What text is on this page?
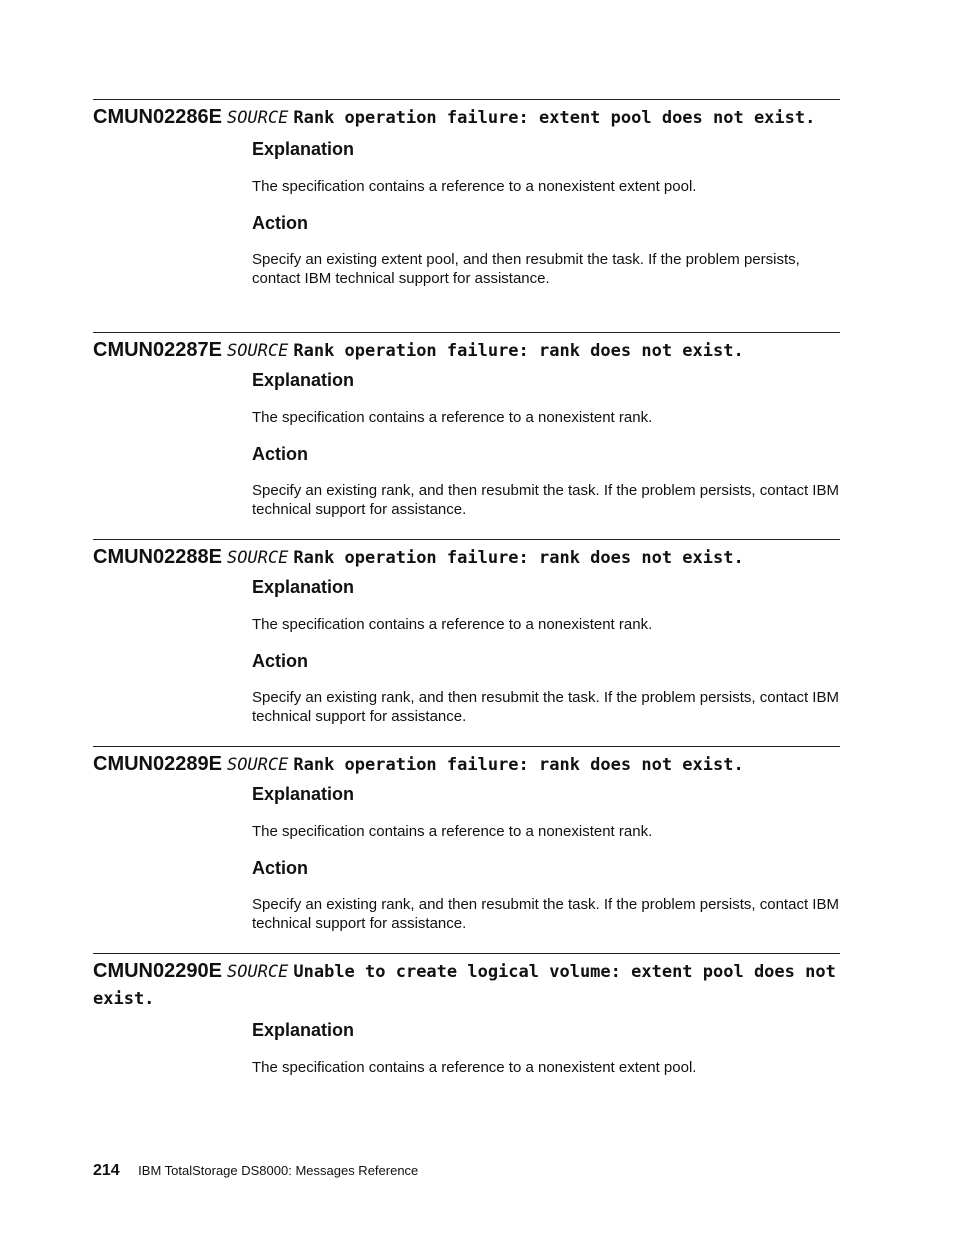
CMUN02286E SOURCE Rank operation failure: extent pool does not exist.
Explanation

The specification contains a reference to a nonexistent extent pool.

Action

Specify an existing extent pool, and then resubmit the task. If the problem persists, contact IBM technical support for assistance.

CMUN02287E SOURCE Rank operation failure: rank does not exist.
Explanation

The specification contains a reference to a nonexistent rank.

Action

Specify an existing rank, and then resubmit the task. If the problem persists, contact IBM technical support for assistance.

CMUN02288E SOURCE Rank operation failure: rank does not exist.
Explanation

The specification contains a reference to a nonexistent rank.

Action

Specify an existing rank, and then resubmit the task. If the problem persists, contact IBM technical support for assistance.

CMUN02289E SOURCE Rank operation failure: rank does not exist.
Explanation

The specification contains a reference to a nonexistent rank.

Action

Specify an existing rank, and then resubmit the task. If the problem persists, contact IBM technical support for assistance.

CMUN02290E SOURCE Unable to create logical volume: extent pool does not exist.
Explanation

The specification contains a reference to a nonexistent extent pool.

214 IBM TotalStorage DS8000: Messages Reference
